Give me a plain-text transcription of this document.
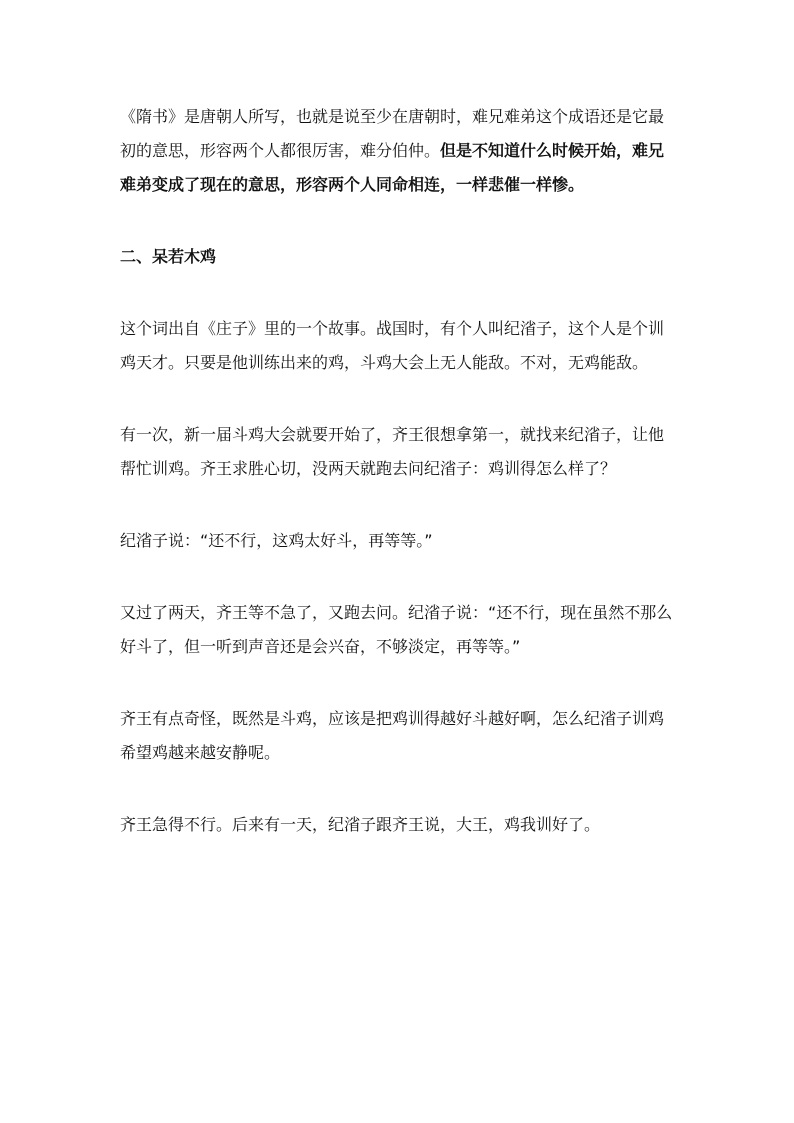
《隋书》是唐朝人所写，也就是说至少在唐朝时，难兄难弟这个成语还是它最初的意思，形容两个人都很厉害，难分伯仲。但是不知道什么时候开始，难兄难弟变成了现在的意思，形容两个人同命相连，一样悲催一样惨。

二、呆若木鸡

这个词出自《庄子》里的一个故事。战国时，有个人叫纪渻子，这个人是个训鸡天才。只要是他训练出来的鸡，斗鸡大会上无人能敌。不对，无鸡能敌。

有一次，新一届斗鸡大会就要开始了，齐王很想拿第一，就找来纪渻子，让他帮忙训鸡。齐王求胜心切，没两天就跑去问纪渻子：鸡训得怎么样了？

纪渻子说：“还不行，这鸡太好斗，再等等。”

又过了两天，齐王等不急了，又跑去问。纪渻子说：“还不行，现在虽然不那么好斗了，但一听到声音还是会兴奋，不够淡定，再等等。”

齐王有点奇怪，既然是斗鸡，应该是把鸡训得越好斗越好啊，怎么纪渻子训鸡希望鸡越来越安静呢。

齐王急得不行。后来有一天，纪渻子跟齐王说，大王，鸡我训好了。
